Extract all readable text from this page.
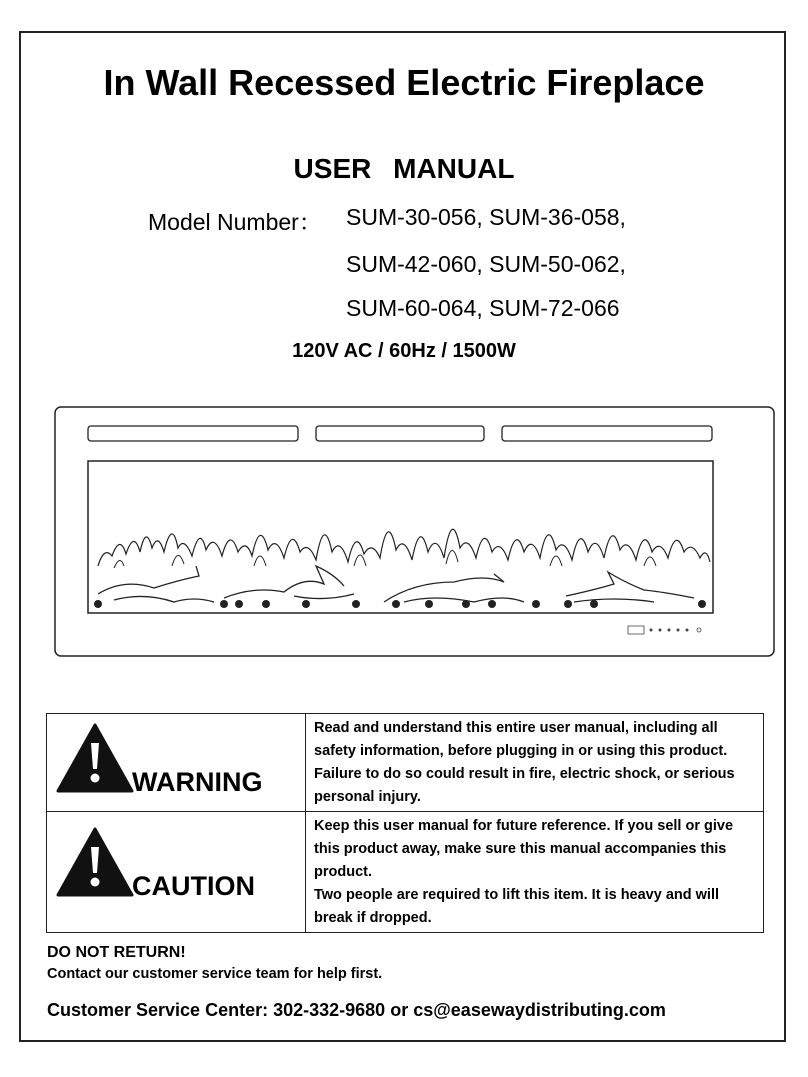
In Wall Recessed Electric Fireplace
USER MANUAL
Model Number： SUM-30-056, SUM-36-058,
SUM-42-060, SUM-50-062,
SUM-60-064, SUM-72-066
120V AC / 60Hz / 1500W
WARNING	Read and understand this entire user manual, including all safety information, before plugging in or using this product. Failure to do so could result in fire, electric shock, or serious personal injury.

CAUTION	Keep this user manual for future reference. If you sell or give this product away, make sure this manual accompanies this product.
Two people are required to lift this item. It is heavy and will break if dropped.
DO NOT RETURN!
Contact our customer service team for help first.
Customer Service Center: 302-332-9680 or cs@easewaydistributing.com
